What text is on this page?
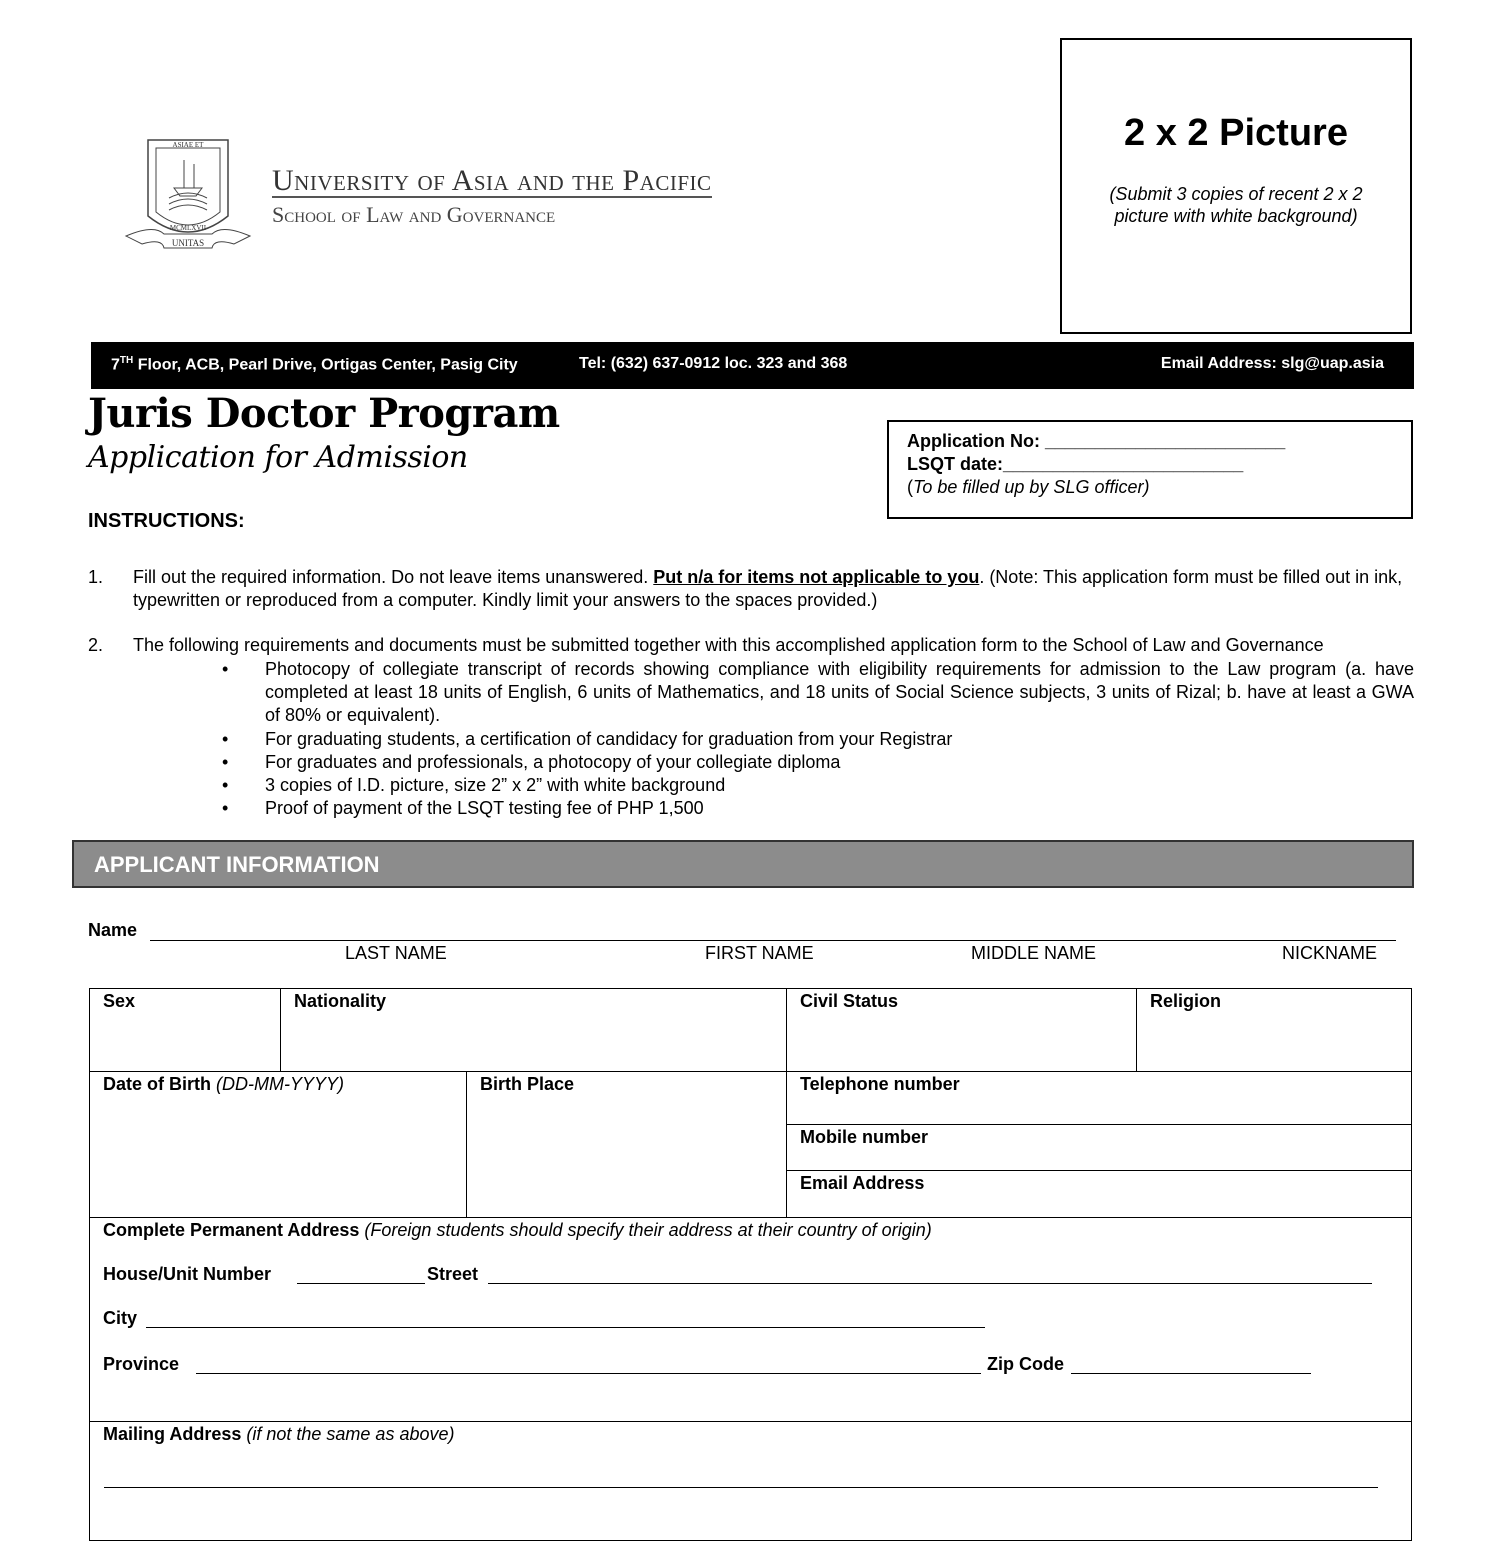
2 x 2 Picture
(Submit 3 copies of recent 2 x 2 picture with white background)
ASIAE ET
MCMLXVII
UNITAS
University of Asia and the Pacific
School of Law and Governance
7TH Floor, ACB, Pearl Drive, Ortigas Center, Pasig City	Tel: (632) 637-0912 loc. 323 and 368	Email Address: slg@uap.asia
Juris Doctor Program
Application for Admission	Application No: ________________________
LSQT date:________________________
(To be filled up by SLG officer)
INSTRUCTIONS:
1. Fill out the required information. Do not leave items unanswered. Put n/a for items not applicable to you. (Note: This application form must be filled out in ink, typewritten or reproduced from a computer. Kindly limit your answers to the spaces provided.)
2. The following requirements and documents must be submitted together with this accomplished application form to the School of Law and Governance
• Photocopy of collegiate transcript of records showing compliance with eligibility requirements for admission to the Law program (a. have completed at least 18 units of English, 6 units of Mathematics, and 18 units of Social Science subjects, 3 units of Rizal; b. have at least a GWA of 80% or equivalent).
• For graduating students, a certification of candidacy for graduation from your Registrar
• For graduates and professionals, a photocopy of your collegiate diploma
• 3 copies of I.D. picture, size 2” x 2” with white background
• Proof of payment of the LSQT testing fee of PHP 1,500
APPLICANT INFORMATION
Name
LAST NAME	FIRST NAME	MIDDLE NAME	NICKNAME
Sex	Nationality	Civil Status	Religion
Date of Birth (DD-MM-YYYY)	Birth Place	Telephone number
Mobile number
Email Address
Complete Permanent Address (Foreign students should specify their address at their country of origin)
House/Unit Number	Street
City
Province	Zip Code
Mailing Address (if not the same as above)
